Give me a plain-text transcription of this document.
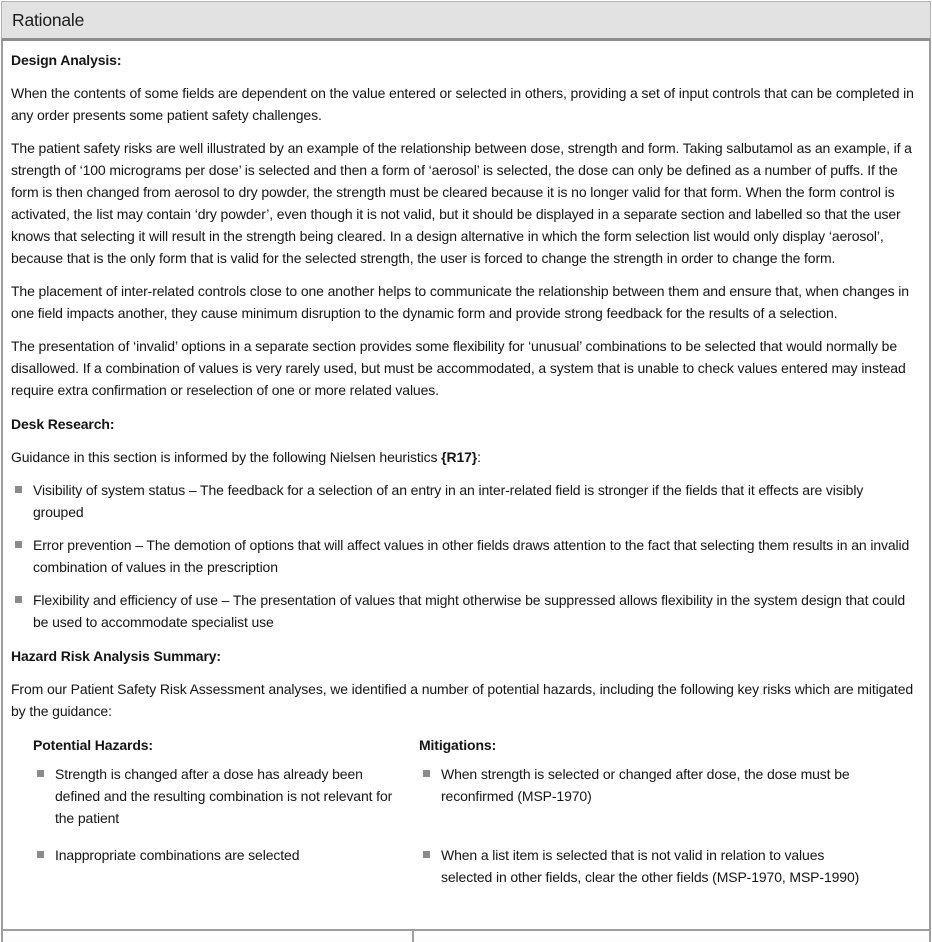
Rationale
Design Analysis:

When the contents of some fields are dependent on the value entered or selected in others, providing a set of input controls that can be completed in any order presents some patient safety challenges.

The patient safety risks are well illustrated by an example of the relationship between dose, strength and form. Taking salbutamol as an example, if a strength of ‘100 micrograms per dose’ is selected and then a form of ‘aerosol’ is selected, the dose can only be defined as a number of puffs. If the form is then changed from aerosol to dry powder, the strength must be cleared because it is no longer valid for that form. When the form control is activated, the list may contain ‘dry powder’, even though it is not valid, but it should be displayed in a separate section and labelled so that the user knows that selecting it will result in the strength being cleared. In a design alternative in which the form selection list would only display ‘aerosol’, because that is the only form that is valid for the selected strength, the user is forced to change the strength in order to change the form.

The placement of inter-related controls close to one another helps to communicate the relationship between them and ensure that, when changes in one field impacts another, they cause minimum disruption to the dynamic form and provide strong feedback for the results of a selection.

The presentation of ‘invalid’ options in a separate section provides some flexibility for ‘unusual’ combinations to be selected that would normally be disallowed. If a combination of values is very rarely used, but must be accommodated, a system that is unable to check values entered may instead require extra confirmation or reselection of one or more related values.

Desk Research:

Guidance in this section is informed by the following Nielsen heuristics {R17}:

Visibility of system status – The feedback for a selection of an entry in an inter-related field is stronger if the fields that it effects are visibly grouped
Error prevention – The demotion of options that will affect values in other fields draws attention to the fact that selecting them results in an invalid combination of values in the prescription
Flexibility and efficiency of use – The presentation of values that might otherwise be suppressed allows flexibility in the system design that could be used to accommodate specialist use
Hazard Risk Analysis Summary:

From our Patient Safety Risk Assessment analyses, we identified a number of potential hazards, including the following key risks which are mitigated by the guidance:

Potential Hazards:	Mitigations:
Strength is changed after a dose has already been defined and the resulting combination is not relevant for the patient
When strength is selected or changed after dose, the dose must be reconfirmed (MSP-1970)
Inappropriate combinations are selected	When a list item is selected that is not valid in relation to values selected in other fields, clear the other fields (MSP-1970, MSP-1990)
